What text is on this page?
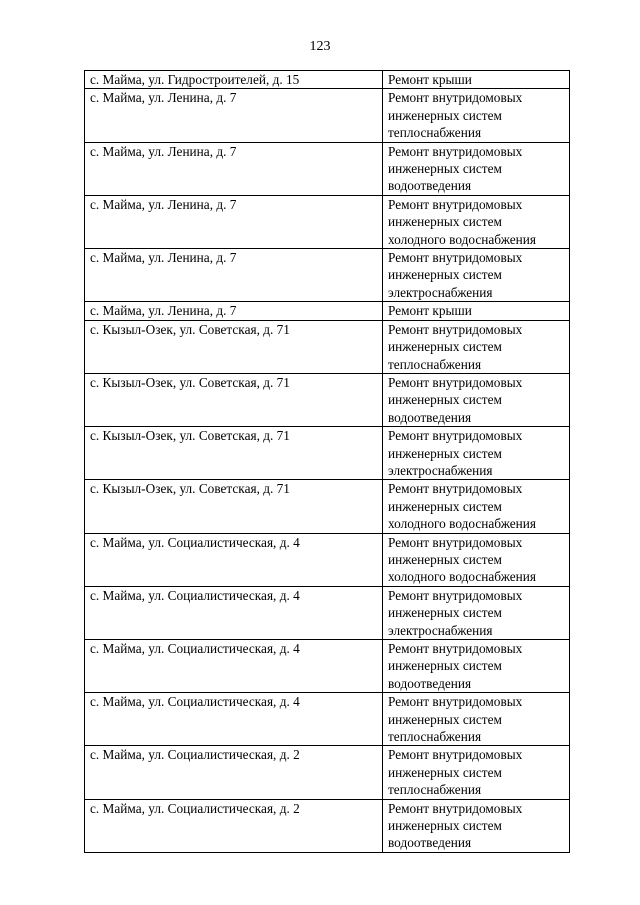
123
с. Майма, ул. Гидростроителей, д. 15	Ремонт крыши

с. Майма, ул. Ленина, д. 7	Ремонт внутридомовых
инженерных систем
теплоснабжения

с. Майма, ул. Ленина, д. 7	Ремонт внутридомовых
инженерных систем
водоотведения

с. Майма, ул. Ленина, д. 7	Ремонт внутридомовых
инженерных систем
холодного водоснабжения

с. Майма, ул. Ленина, д. 7	Ремонт внутридомовых
инженерных систем
электроснабжения

с. Майма, ул. Ленина, д. 7	Ремонт крыши

с. Кызыл-Озек, ул. Советская, д. 71	Ремонт внутридомовых
инженерных систем
теплоснабжения

с. Кызыл-Озек, ул. Советская, д. 71	Ремонт внутридомовых
инженерных систем
водоотведения

с. Кызыл-Озек, ул. Советская, д. 71	Ремонт внутридомовых
инженерных систем
электроснабжения

с. Кызыл-Озек, ул. Советская, д. 71	Ремонт внутридомовых
инженерных систем
холодного водоснабжения

с. Майма, ул. Социалистическая, д. 4	Ремонт внутридомовых
инженерных систем
холодного водоснабжения

с. Майма, ул. Социалистическая, д. 4	Ремонт внутридомовых
инженерных систем
электроснабжения

с. Майма, ул. Социалистическая, д. 4	Ремонт внутридомовых
инженерных систем
водоотведения

с. Майма, ул. Социалистическая, д. 4	Ремонт внутридомовых
инженерных систем
теплоснабжения

с. Майма, ул. Социалистическая, д. 2	Ремонт внутридомовых
инженерных систем
теплоснабжения

с. Майма, ул. Социалистическая, д. 2	Ремонт внутридомовых
инженерных систем
водоотведения
